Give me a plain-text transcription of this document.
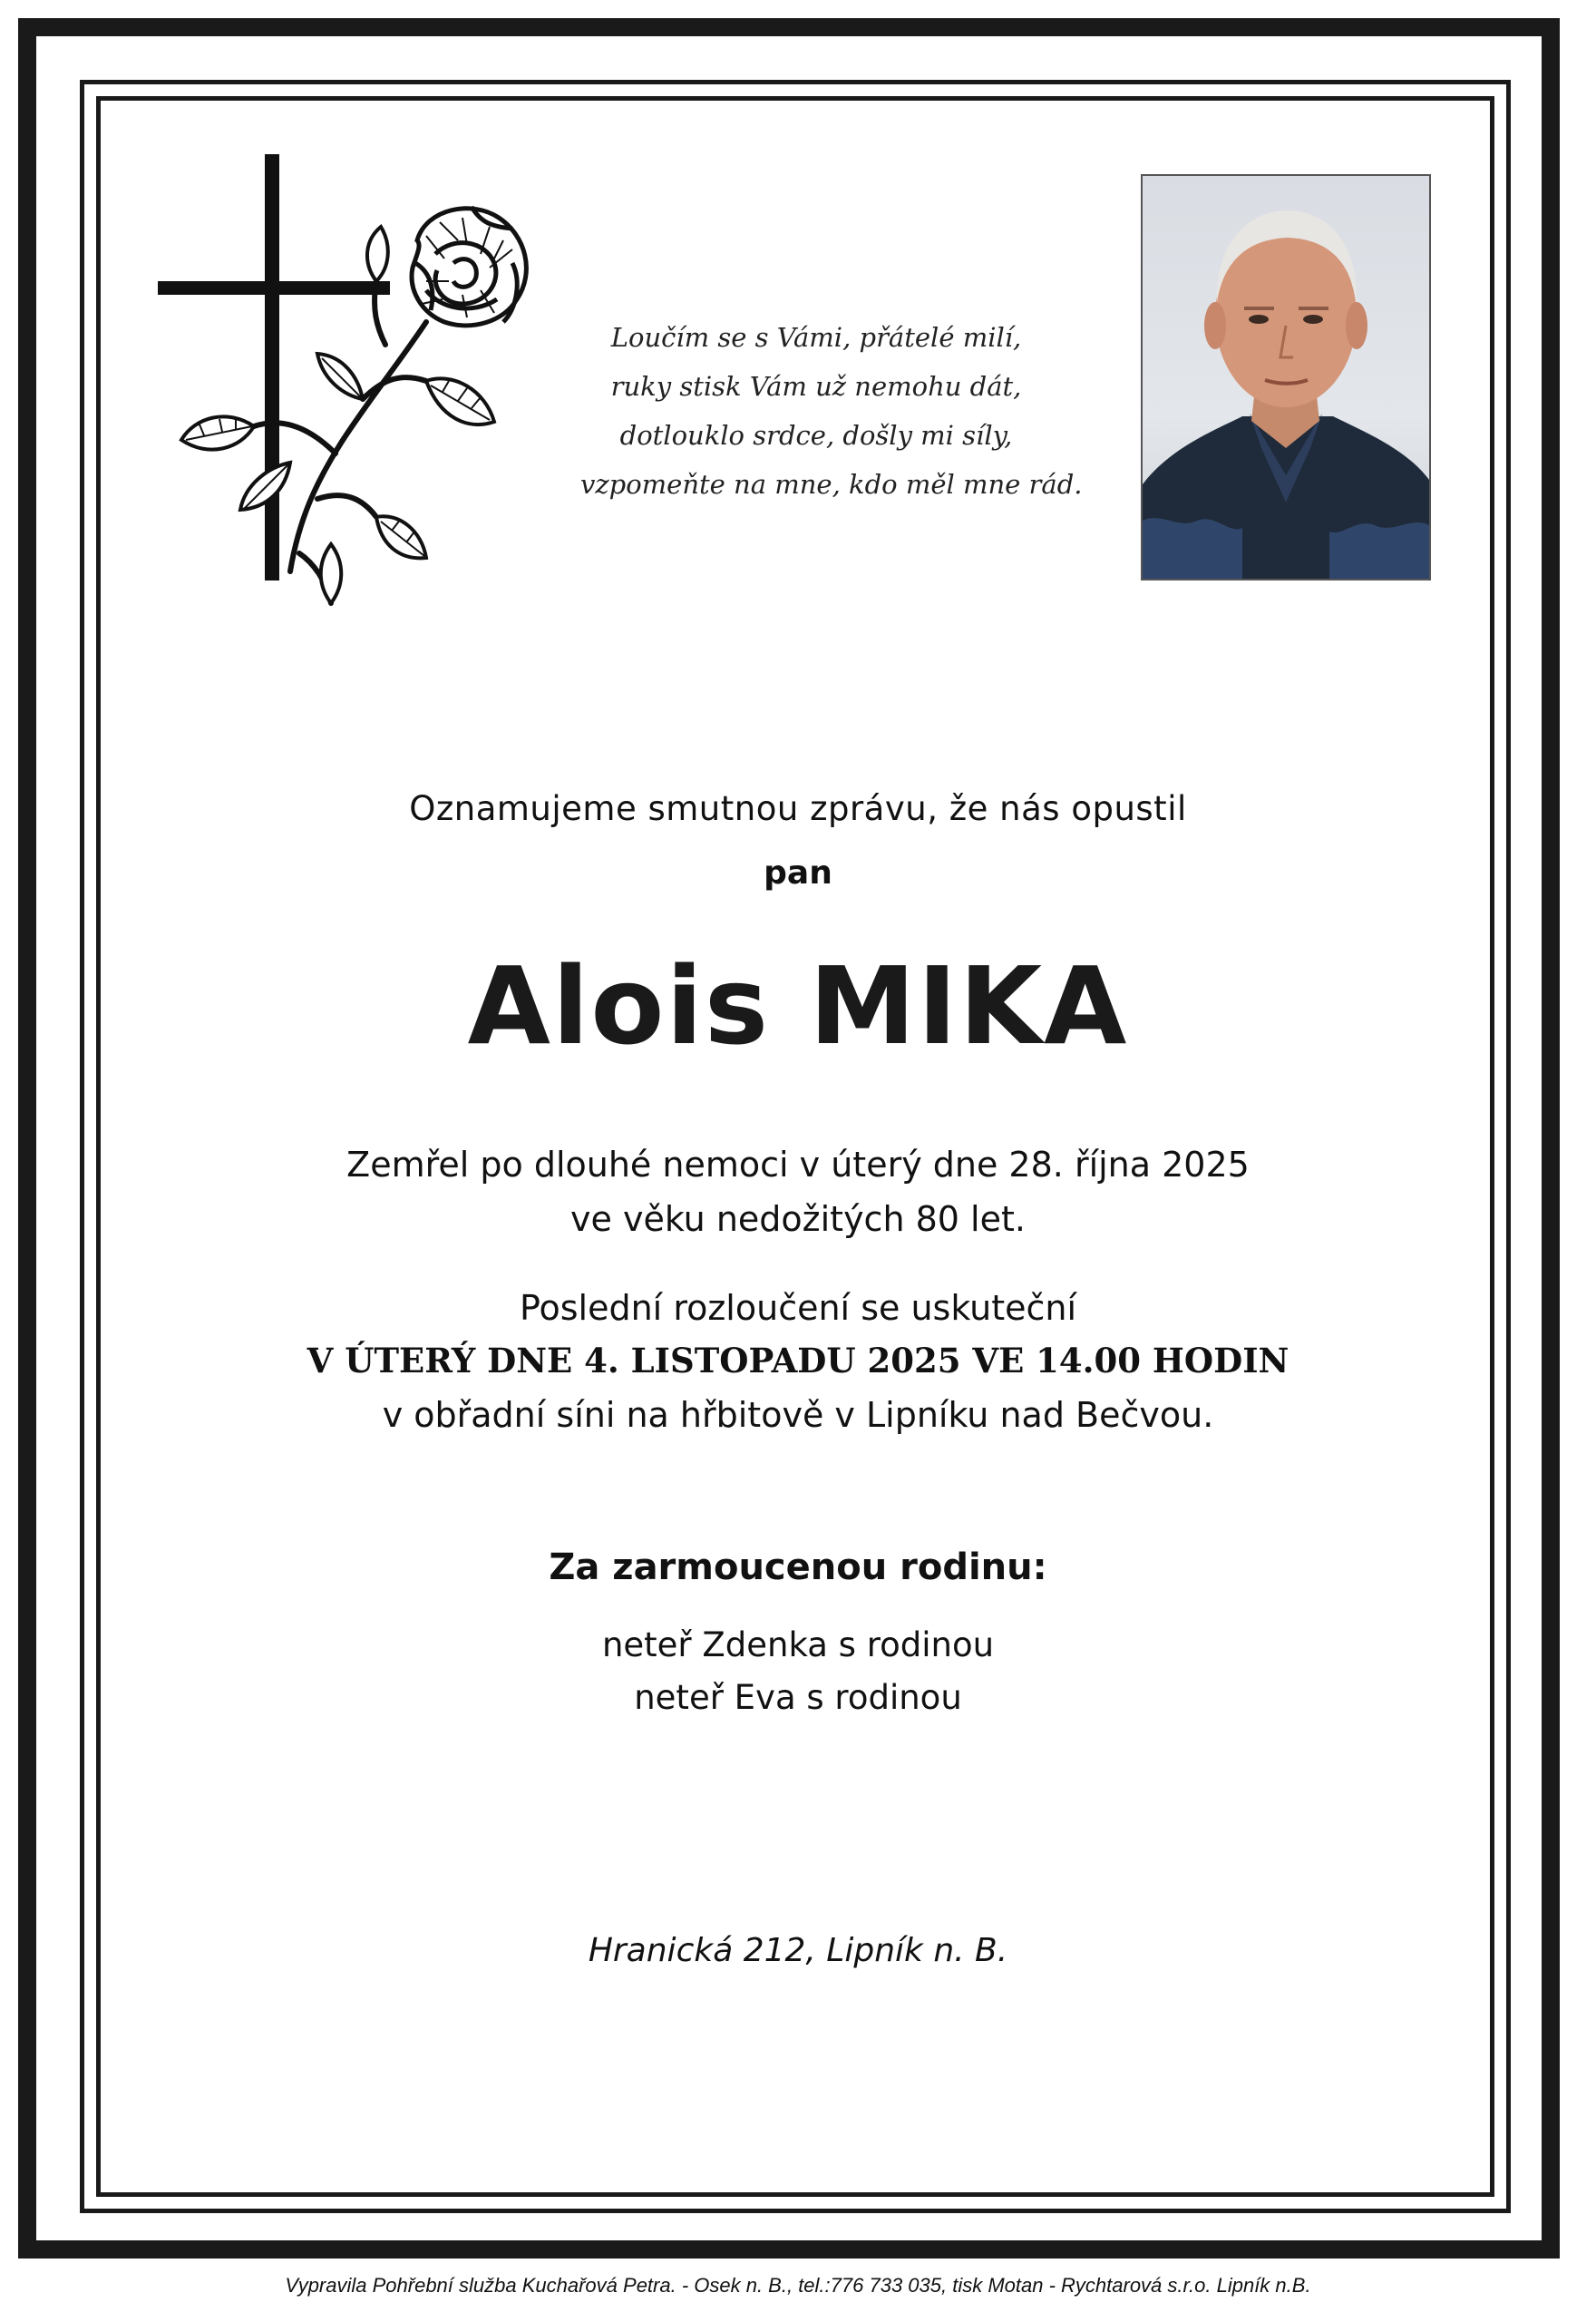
Loučím se s Vámi, přátelé milí,
ruky stisk Vám už nemohu dát,
dotlouklo srdce, došly mi síly,
vzpomeňte na mne, kdo měl mne rád.
Oznamujeme smutnou zprávu, že nás opustil
pan
Alois MIKA
Zemřel po dlouhé nemoci v úterý dne 28. října 2025
ve věku nedožitých 80 let.
Poslední rozloučení se uskuteční
V ÚTERÝ DNE 4. LISTOPADU 2025 VE 14.00 HODIN
v obřadní síni na hřbitově v Lipníku nad Bečvou.
Za zarmoucenou rodinu:
neteř Zdenka s rodinou
neteř Eva s rodinou
Hranická 212, Lipník n. B.
Vypravila Pohřební služba Kuchařová Petra. - Osek n. B., tel.:776 733 035, tisk Motan - Rychtarová s.r.o. Lipník n.B.
